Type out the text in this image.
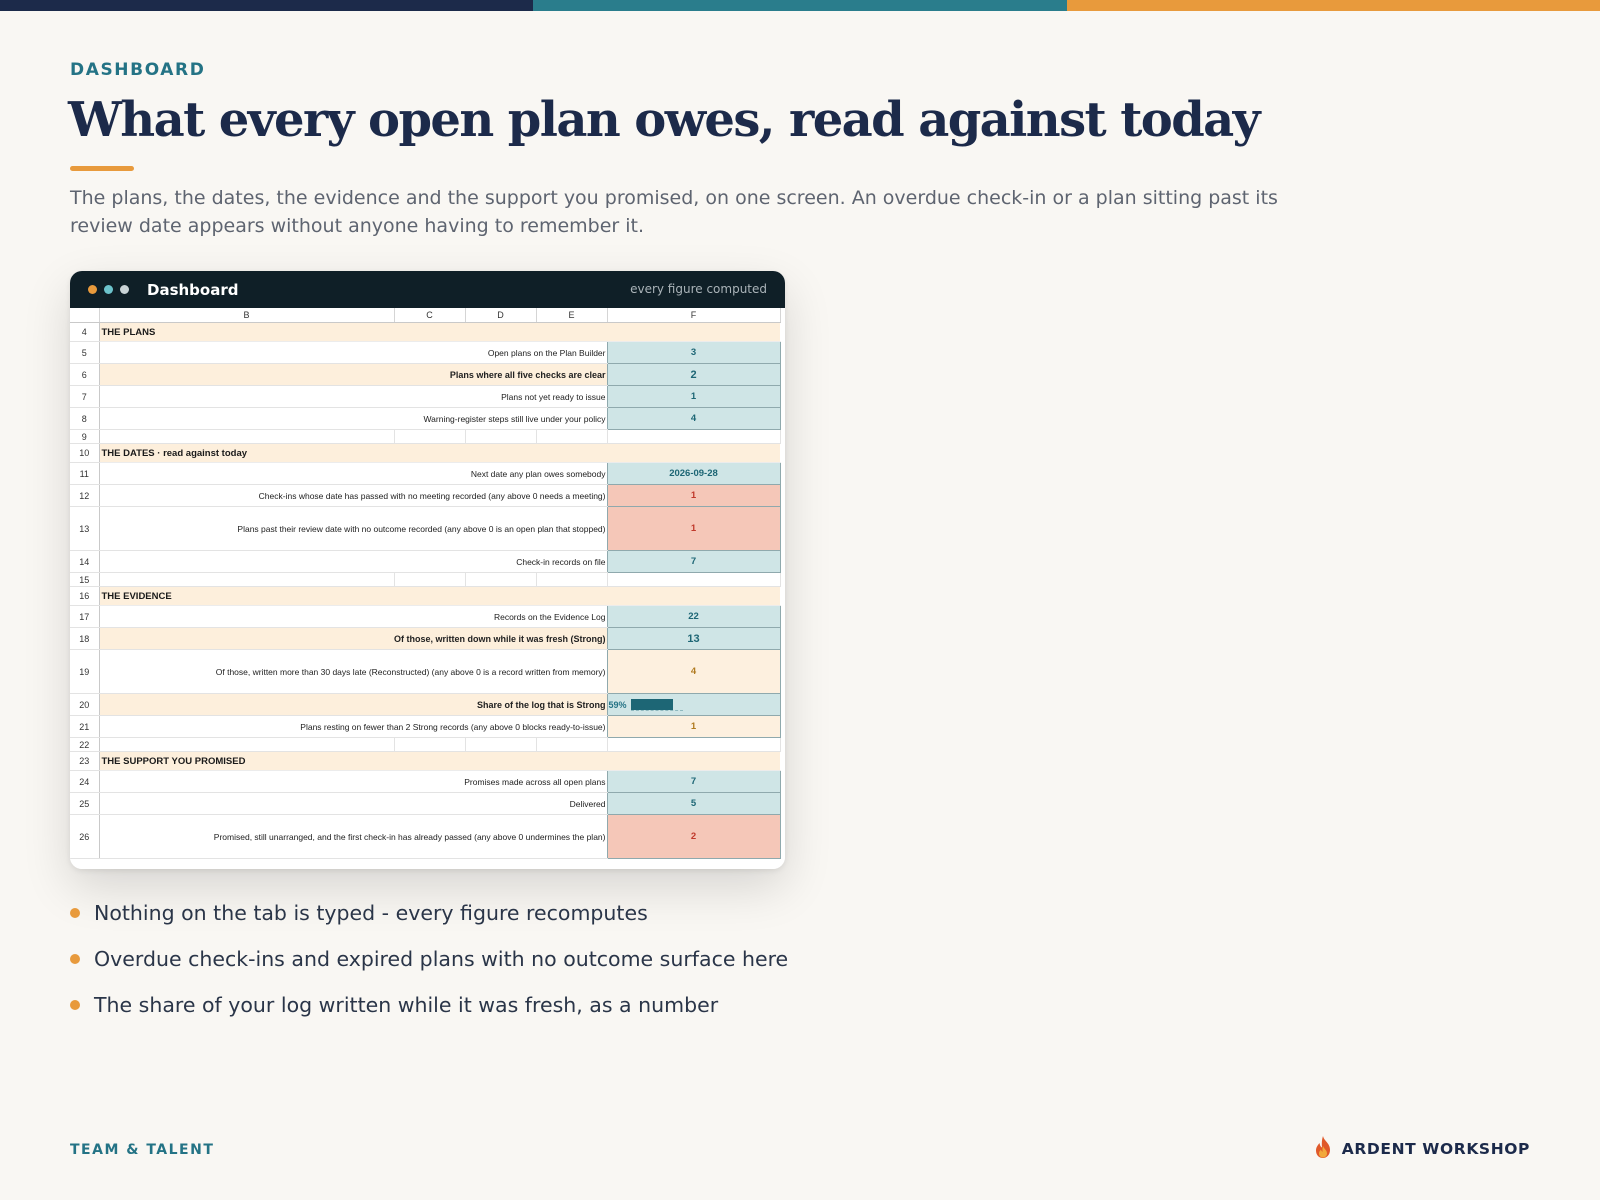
DASHBOARD
What every open plan owes, read against today

The plans, the dates, the evidence and the support you promised, on one screen. An overdue check-in or a plan sitting past its review date appears without anyone having to remember it.

Dashboard	every figure computed
	B	C	D	E	F
4	THE PLANS				
5	Open plans on the Plan Builder				3
6	Plans where all five checks are clear				2
7	Plans not yet ready to issue				1
8	Warning-register steps still live under your policy				4
9					
10	THE DATES · read against today				
11	Next date any plan owes somebody				2026-09-28
12	Check-ins whose date has passed with no meeting recorded (any above 0 needs a meeting)				1
13	Plans past their review date with no outcome recorded (any above 0 is an open plan that stopped)				1
14	Check-in records on file				7
15					
16	THE EVIDENCE				
17	Records on the Evidence Log				22
18	Of those, written down while it was fresh (Strong)				13
19	Of those, written more than 30 days late (Reconstructed) (any above 0 is a record written from memory)				4
20	Share of the log that is Strong				59%

21	Plans resting on fewer than 2 Strong records (any above 0 blocks ready-to-issue)				1
22					
23	THE SUPPORT YOU PROMISED				
24	Promises made across all open plans				7
25	Delivered				5
26	Promised, still unarranged, and the first check-in has already passed (any above 0 undermines the plan)				2
Nothing on the tab is typed - every figure recomputes
Overdue check-ins and expired plans with no outcome surface here
The share of your log written while it was fresh, as a number
TEAM & TALENT	ARDENT WORKSHOP
